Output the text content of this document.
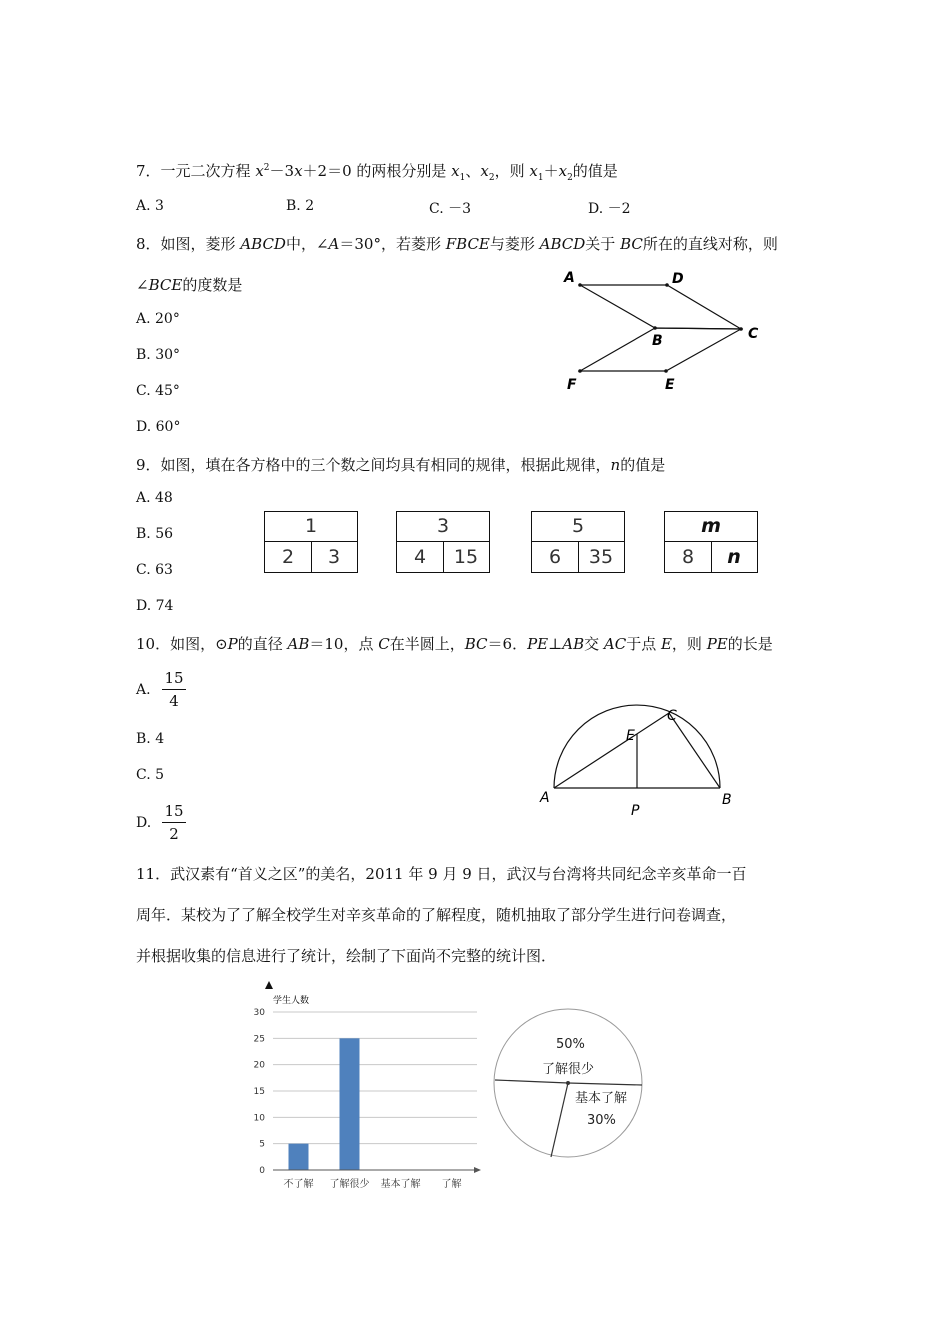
7．一元二次方程 $x^2-3x+2=0$ 的两根分别是 $x_1$、$x_2$，则 $x_1+x_2$的值是
A. 3	B. 2	C. －3	D. －2
8．如图，菱形 ABCD中，∠A＝30°，若菱形 FBCE与菱形 ABCD关于 BC所在的直线对称，则
∠BCE的度数是
A. 20°
B. 30°
C. 45°
D. 60°
A	D
C
B
F	E
9．如图，填在各方格中的三个数之间均具有相同的规律，根据此规律，n的值是
A. 48
B. 56
C. 63
D. 74
1
2	3
3
4	15
5
6	35
m
8	n
10．如图，⊙P的直径 AB＝10，点 C在半圆上，BC＝6．PE⊥AB交 AC于点 E，则 PE的长是
A.
15
4
B. 4
C. 5
D.
15
2
A	B
C
E
P
11．武汉素有“首义之区”的美名，2011 年 9 月 9 日，武汉与台湾将共同纪念辛亥革命一百
周年．某校为了了解全校学生对辛亥革命的了解程度，随机抽取了部分学生进行问卷调查，
并根据收集的信息进行了统计，绘制了下面尚不完整的统计图．
学生人数
0
5
10
15
20
25
30
不了解 了解很少 基本了解 了解
50%
了解很少
基本了解
30%
